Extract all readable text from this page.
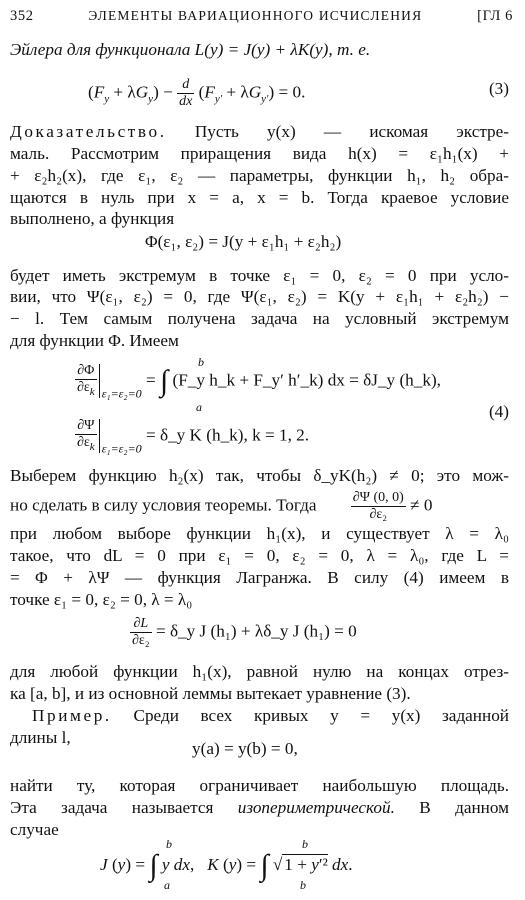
352	ЭЛЕМЕНТЫ ВАРИАЦИОННОГО ИСЧИСЛЕНИЯ	[ГЛ 6
Эйлера для функционала L(y) = J(y) + λK(y), т. е.
$(F_y + \lambda G_y) - \frac{d}{dx} (F_{y'} + \lambda G_{y'}) = 0$.	(3)
Доказательство. Пусть y(x) — искомая экстре-
маль. Рассмотрим приращения вида h(x) = ε₁h₁(x) +
+ ε₂h₂(x), где ε₁, ε₂ — параметры, функции h₁, h₂ обра-
щаются в нуль при x = a, x = b. Тогда краевое условие
выполнено, а функция
Φ(ε₁, ε₂) = J(y + ε₁h₁ + ε₂h₂)
будет иметь экстремум в точке ε₁ = 0, ε₂ = 0 при усло-
вии, что Ψ(ε₁, ε₂) = 0, где Ψ(ε₁, ε₂) = K(y + ε₁h₁ + ε₂h₂) −
− l. Тем самым получена задача на условный экстремум
для функции Φ. Имеем
$\frac{\partial\Phi}{\partial\varepsilon_k} _{\varepsilon_1=\varepsilon_2=0}$ = ∫ (F_y h_k + F_y′ h′_k) dx = δJ_y (h_k),
b
a	(4)
$\frac{\partial\Psi}{\partial\varepsilon_k} _{\varepsilon_1=\varepsilon_2=0}$ = δ_y K (h_k), k = 1, 2.
Выберем функцию h₂(x) так, чтобы δ_yK(h₂) ≠ 0; это мож-
но сделать в силу условия теоремы. Тогда $\frac{\partial\Psi (0, 0)}{\text{∂ε₂}} \ne 0$
при любом выборе функции h₁(x), и существует λ = λ₀
такое, что dL = 0 при ε₁ = 0, ε₂ = 0, λ = λ₀, где L =
= Φ + λΨ — функция Лагранжа. В силу (4) имеем в
точке ε₁ = 0, ε₂ = 0, λ = λ₀
$\frac{\partial L}{\text{∂ε₂}}$ = δ_y J (h₁) + λδ_y J (h₁) = 0
для любой функции h₁(x), равной нулю на концах отрез-
ка [a, b], и из основной леммы вытекает уравнение (3).
Пример. Среди всех кривых y = y(x) заданной
длины l,
y(a) = y(b) = 0,
найти ту, которая ограничивает наибольшую площадь.
Эта задача называется изопериметрической. В данном
случае
J (y) = ∫ y dx,   K (y) = ∫ √ 1 + y′² dx.
b
a
b
b
